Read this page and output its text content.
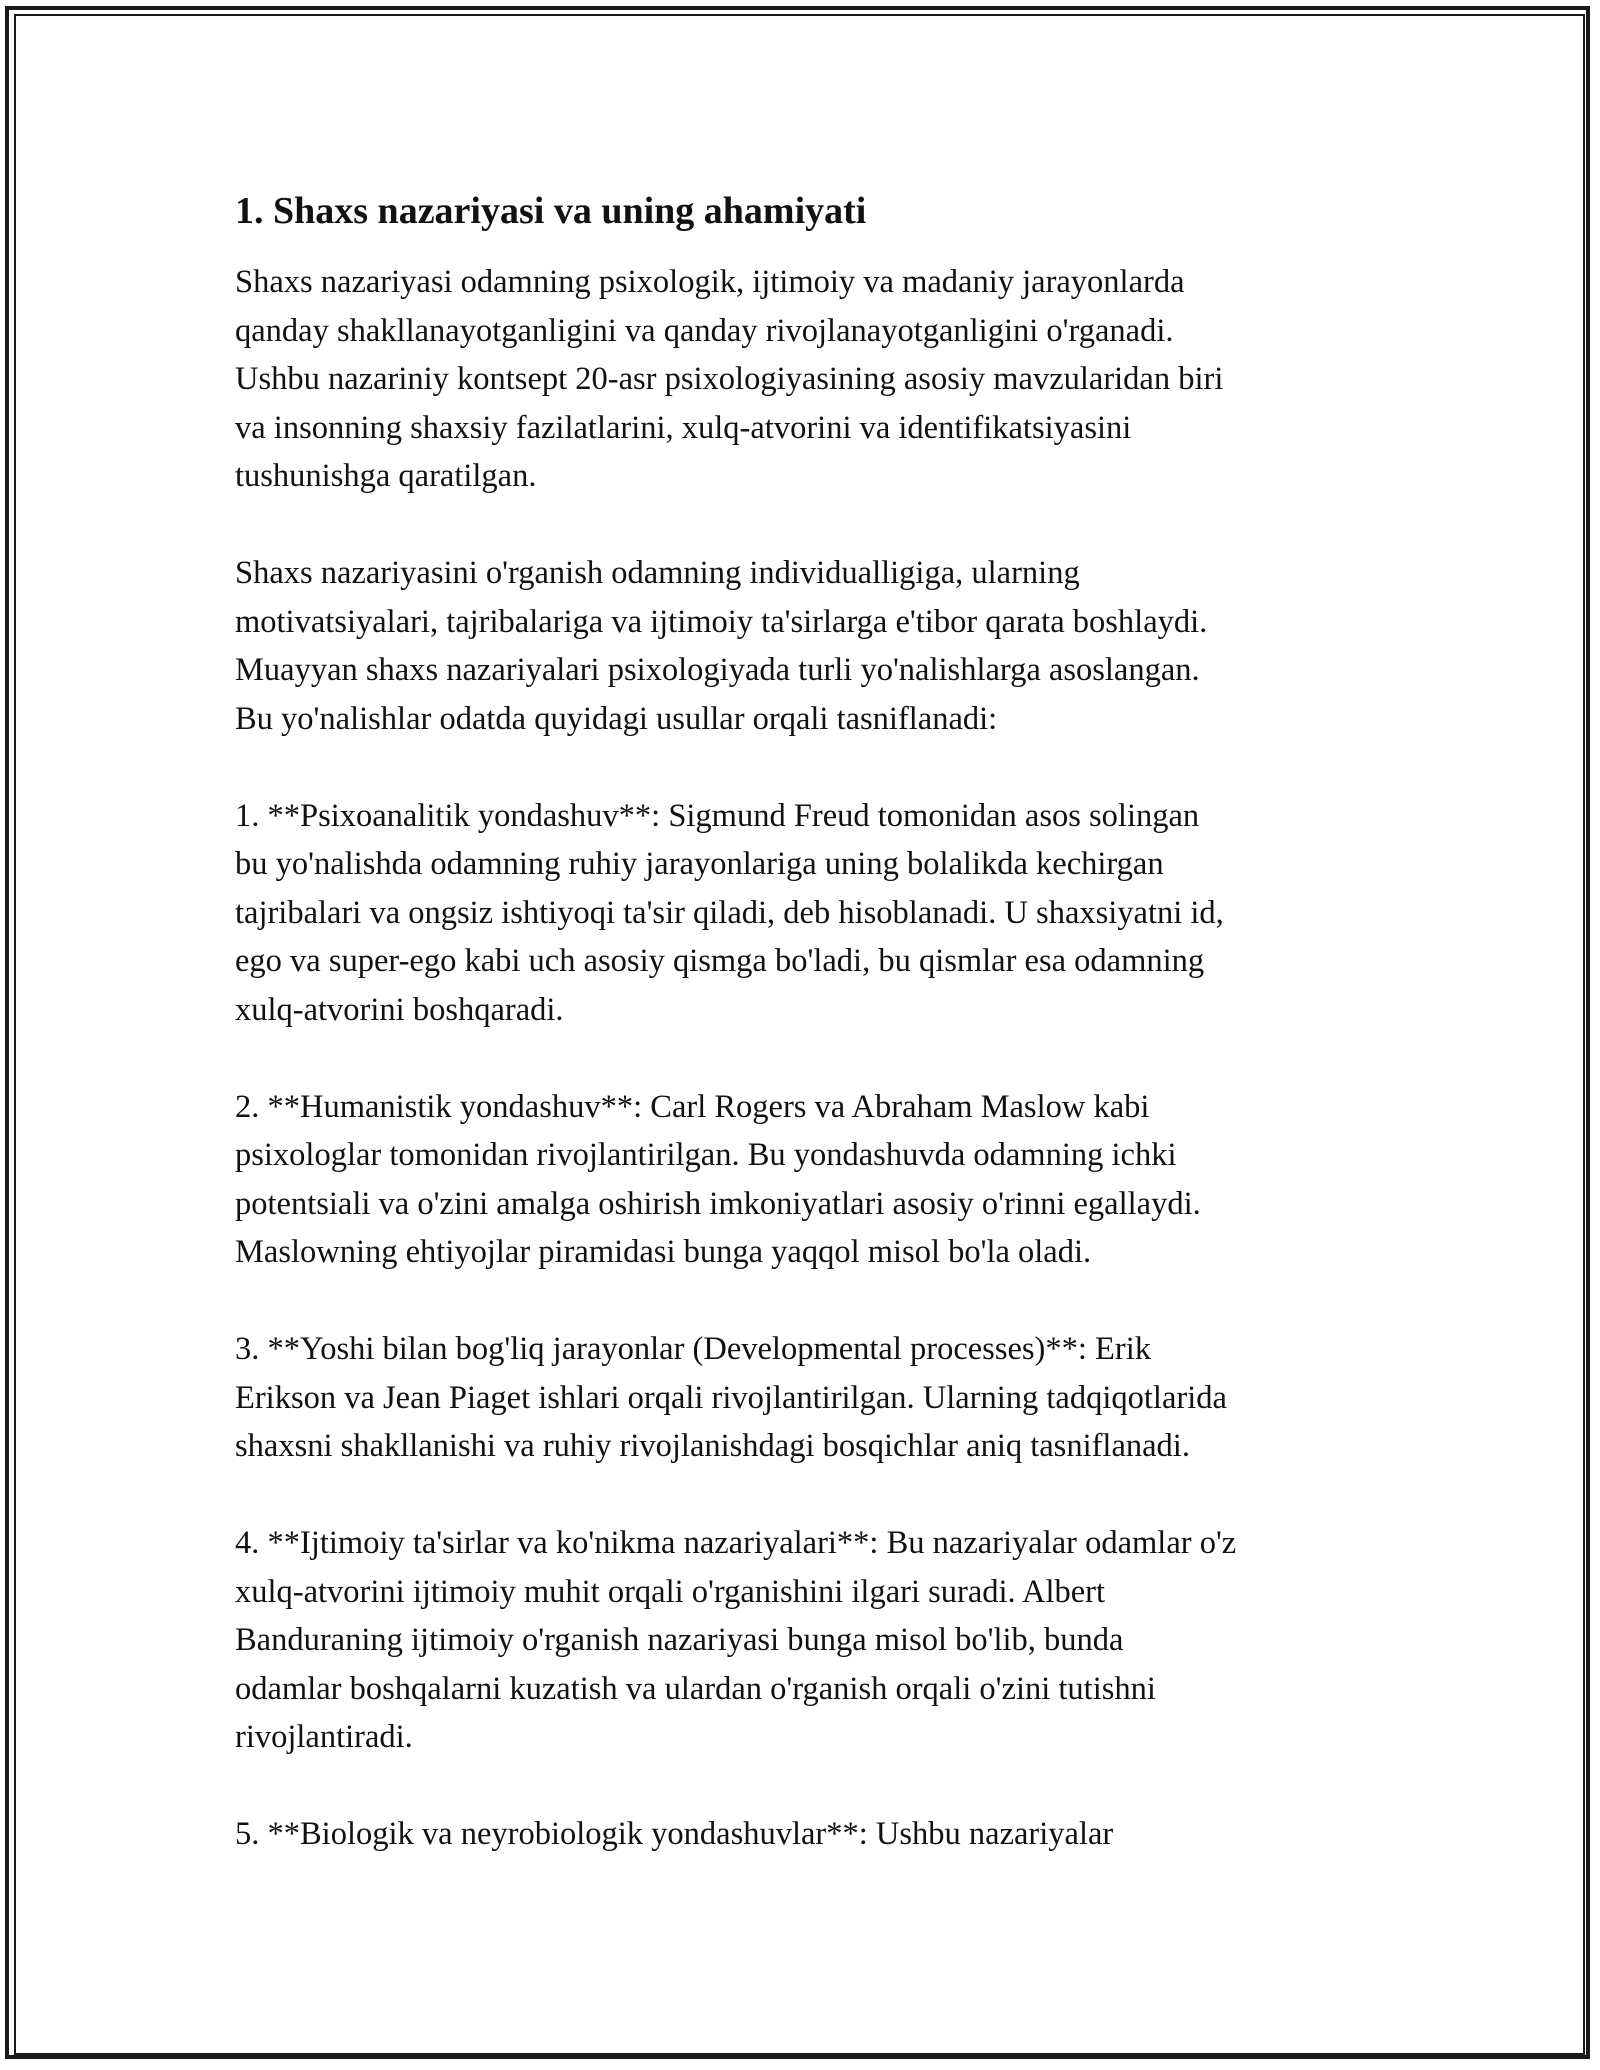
1. Shaxs nazariyasi va uning ahamiyati
Shaxs nazariyasi odamning psixologik, ijtimoiy va madaniy jarayonlarda
qanday shakllanayotganligini va qanday rivojlanayotganligini o'rganadi.
Ushbu nazariniy kontsept 20-asr psixologiyasining asosiy mavzularidan biri
va insonning shaxsiy fazilatlarini, xulq-atvorini va identifikatsiyasini
tushunishga qaratilgan.
Shaxs nazariyasini o'rganish odamning individualligiga, ularning
motivatsiyalari, tajribalariga va ijtimoiy ta'sirlarga e'tibor qarata boshlaydi.
Muayyan shaxs nazariyalari psixologiyada turli yo'nalishlarga asoslangan.
Bu yo'nalishlar odatda quyidagi usullar orqali tasniflanadi:
1. **Psixoanalitik yondashuv**: Sigmund Freud tomonidan asos solingan
bu yo'nalishda odamning ruhiy jarayonlariga uning bolalikda kechirgan
tajribalari va ongsiz ishtiyoqi ta'sir qiladi, deb hisoblanadi. U shaxsiyatni id,
ego va super-ego kabi uch asosiy qismga bo'ladi, bu qismlar esa odamning
xulq-atvorini boshqaradi.
2. **Humanistik yondashuv**: Carl Rogers va Abraham Maslow kabi
psixologlar tomonidan rivojlantirilgan. Bu yondashuvda odamning ichki
potentsiali va o'zini amalga oshirish imkoniyatlari asosiy o'rinni egallaydi.
Maslowning ehtiyojlar piramidasi bunga yaqqol misol bo'la oladi.
3. **Yoshi bilan bog'liq jarayonlar (Developmental processes)**: Erik
Erikson va Jean Piaget ishlari orqali rivojlantirilgan. Ularning tadqiqotlarida
shaxsni shakllanishi va ruhiy rivojlanishdagi bosqichlar aniq tasniflanadi.
4. **Ijtimoiy ta'sirlar va ko'nikma nazariyalari**: Bu nazariyalar odamlar o'z
xulq-atvorini ijtimoiy muhit orqali o'rganishini ilgari suradi. Albert
Banduraning ijtimoiy o'rganish nazariyasi bunga misol bo'lib, bunda
odamlar boshqalarni kuzatish va ulardan o'rganish orqali o'zini tutishni
rivojlantiradi.
5. **Biologik va neyrobiologik yondashuvlar**: Ushbu nazariyalar
